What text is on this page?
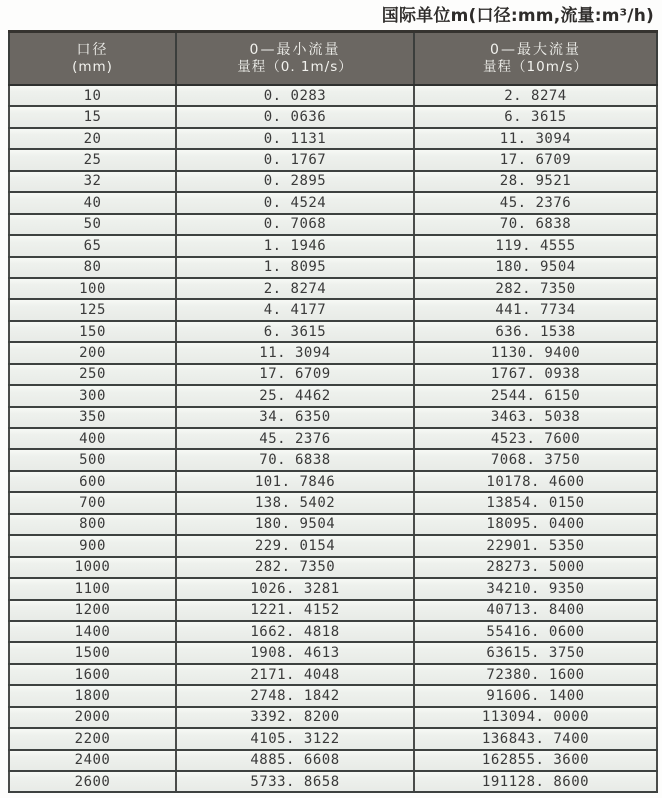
国际单位m(口径:mm,流量:m³/h)
口径
(mm)

0—最小流量
量程（0. 1m/s）

0—最大流量
量程（10m/s）

10	0. 0283	2. 8274
15	0. 0636	6. 3615
20	0. 1131	11. 3094
25	0. 1767	17. 6709
32	0. 2895	28. 9521
40	0. 4524	45. 2376
50	0. 7068	70. 6838
65	1. 1946	119. 4555
80	1. 8095	180. 9504
100	2. 8274	282. 7350
125	4. 4177	441. 7734
150	6. 3615	636. 1538
200	11. 3094	1130. 9400
250	17. 6709	1767. 0938
300	25. 4462	2544. 6150
350	34. 6350	3463. 5038
400	45. 2376	4523. 7600
500	70. 6838	7068. 3750
600	101. 7846	10178. 4600
700	138. 5402	13854. 0150
800	180. 9504	18095. 0400
900	229. 0154	22901. 5350
1000	282. 7350	28273. 5000
1100	1026. 3281	34210. 9350
1200	1221. 4152	40713. 8400
1400	1662. 4818	55416. 0600
1500	1908. 4613	63615. 3750
1600	2171. 4048	72380. 1600
1800	2748. 1842	91606. 1400
2000	3392. 8200	113094. 0000
2200	4105. 3122	136843. 7400
2400	4885. 6608	162855. 3600
2600	5733. 8658	191128. 8600
